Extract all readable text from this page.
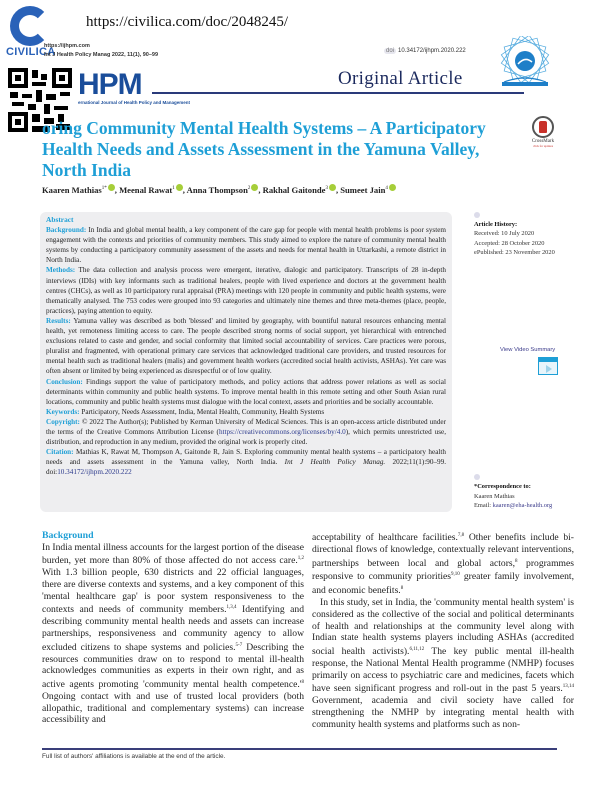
CIVILICA
https://civilica.com/doc/2048245/
https://ijhpm.com
Int J Health Policy Manag 2022, 11(1), 90–99
HPM
ernational Journal of Health Policy and Management
doi 10.34172/ijhpm.2020.222
Original Article
oring Community Mental Health Systems – A Participatory Health Needs and Assets Assessment in the Yamuna Valley, North India
CrossMark
click for updates
Kaaren Mathias$^{1*}$ , Meenal Rawat$^1$ , Anna Thompson$^2$ , Rakhal Gaitonde$^3$ , Sumeet Jain$^4$
Abstract

Background: In India and global mental health, a key component of the care gap for people with mental health problems is poor system engagement with the contexts and priorities of community members. This study aimed to explore the nature of community mental health systems by conducting a participatory community assessment of the assets and needs for mental health in Uttarkashi, a remote district in North India.

Methods: The data collection and analysis process were emergent, iterative, dialogic and participatory. Transcripts of 28 in-depth interviews (IDIs) with key informants such as traditional healers, people with lived experience and doctors at the government health centres (CHCs), as well as 10 participatory rural appraisal (PRA) meetings with 120 people in community and public health systems, were thematically analysed. The 753 codes were grouped into 93 categories and ultimately nine themes and three meta-themes (place, people, practices), paying attention to equity.

Results: Yamuna valley was described as both 'blessed' and limited by geography, with bountiful natural resources enhancing mental health, yet remoteness limiting access to care. The people described strong norms of social support, yet hierarchical with entrenched exclusions related to caste and gender, and social conformity that limited social accountability of services. Care practices were porous, pluralist and fragmented, with operational primary care services that acknowledged traditional care providers, and trusted resources for mental health such as traditional healers (malis) and government health workers (accredited social health activists, ASHAs). Yet care was often absent or limited by being experienced as disrespectful or of low quality.

Conclusion: Findings support the value of participatory methods, and policy actions that address power relations as well as social determinants within community and public health systems. To improve mental health in this remote setting and other South Asian rural locations, community and public health systems must dialogue with the local context, assets and priorities and be socially accountable.

Keywords: Participatory, Needs Assessment, India, Mental Health, Community, Health Systems

Copyright: © 2022 The Author(s); Published by Kerman University of Medical Sciences. This is an open-access article distributed under the terms of the Creative Commons Attribution License (https://creativecommons.org/licenses/by/4.0), which permits unrestricted use, distribution, and reproduction in any medium, provided the original work is properly cited.

Citation: Mathias K, Rawat M, Thompson A, Gaitonde R, Jain S. Exploring community mental health systems – a participatory health needs and assets assessment in the Yamuna valley, North India. Int J Health Policy Manag. 2022;11(1):90–99. doi:10.34172/ijhpm.2020.222

Article History:
Received: 10 July 2020
Accepted: 28 October 2020
ePublished: 23 November 2020
View Video Summary
*Correspondence to:
Kaaren Mathias
Email: kaaren@eha-health.org
Background

In India mental illness accounts for the largest portion of the disease burden, yet more than 80% of those affected do not access care.$^{1,2}$ With 1.3 billion people, 630 districts and 22 official languages, there are diverse contexts and systems, and a key component of this 'mental healthcare gap' is poor system responsiveness to the contexts and needs of community members.$^{1,3,4}$ Identifying and describing community mental health needs and assets can increase partnerships, responsiveness and community agency to allow excluded citizens to shape systems and policies.$^{5-7}$ Describing the resources communities draw on to respond to mental ill-health acknowledges communities as experts in their own right, and as active agents promoting 'community mental health $competence.'^8$ Ongoing contact with and use of trusted local providers (both allopathic, traditional and complementary systems) can increase accessibility and

acceptability of healthcare facilities.$^{7,8}$ Other benefits include bi-directional flows of knowledge, contextually relevant interventions, partnerships between local and global actors,$^8$ programmes responsive to community priorities$^{9,10}$ greater family involvement, and economic benefits.$^8$

In this study, set in India, the 'community mental health system' is considered as the collective of the social and political determinants of health and relationships at the community level along with Indian state health systems players including ASHAs (accredited social health activists).$^{6,11,12}$ The key public mental ill-health response, the National Mental Health programme (NMHP) focuses primarily on access to psychiatric care and medicines, facets which have seen significant progress and roll-out in the past 5 years.$^{13,14}$ Government, academia and civil society have called for strengthening the NMHP by integrating mental health with community health systems and platforms such as non-

Full list of authors' affiliations is available at the end of the article.
